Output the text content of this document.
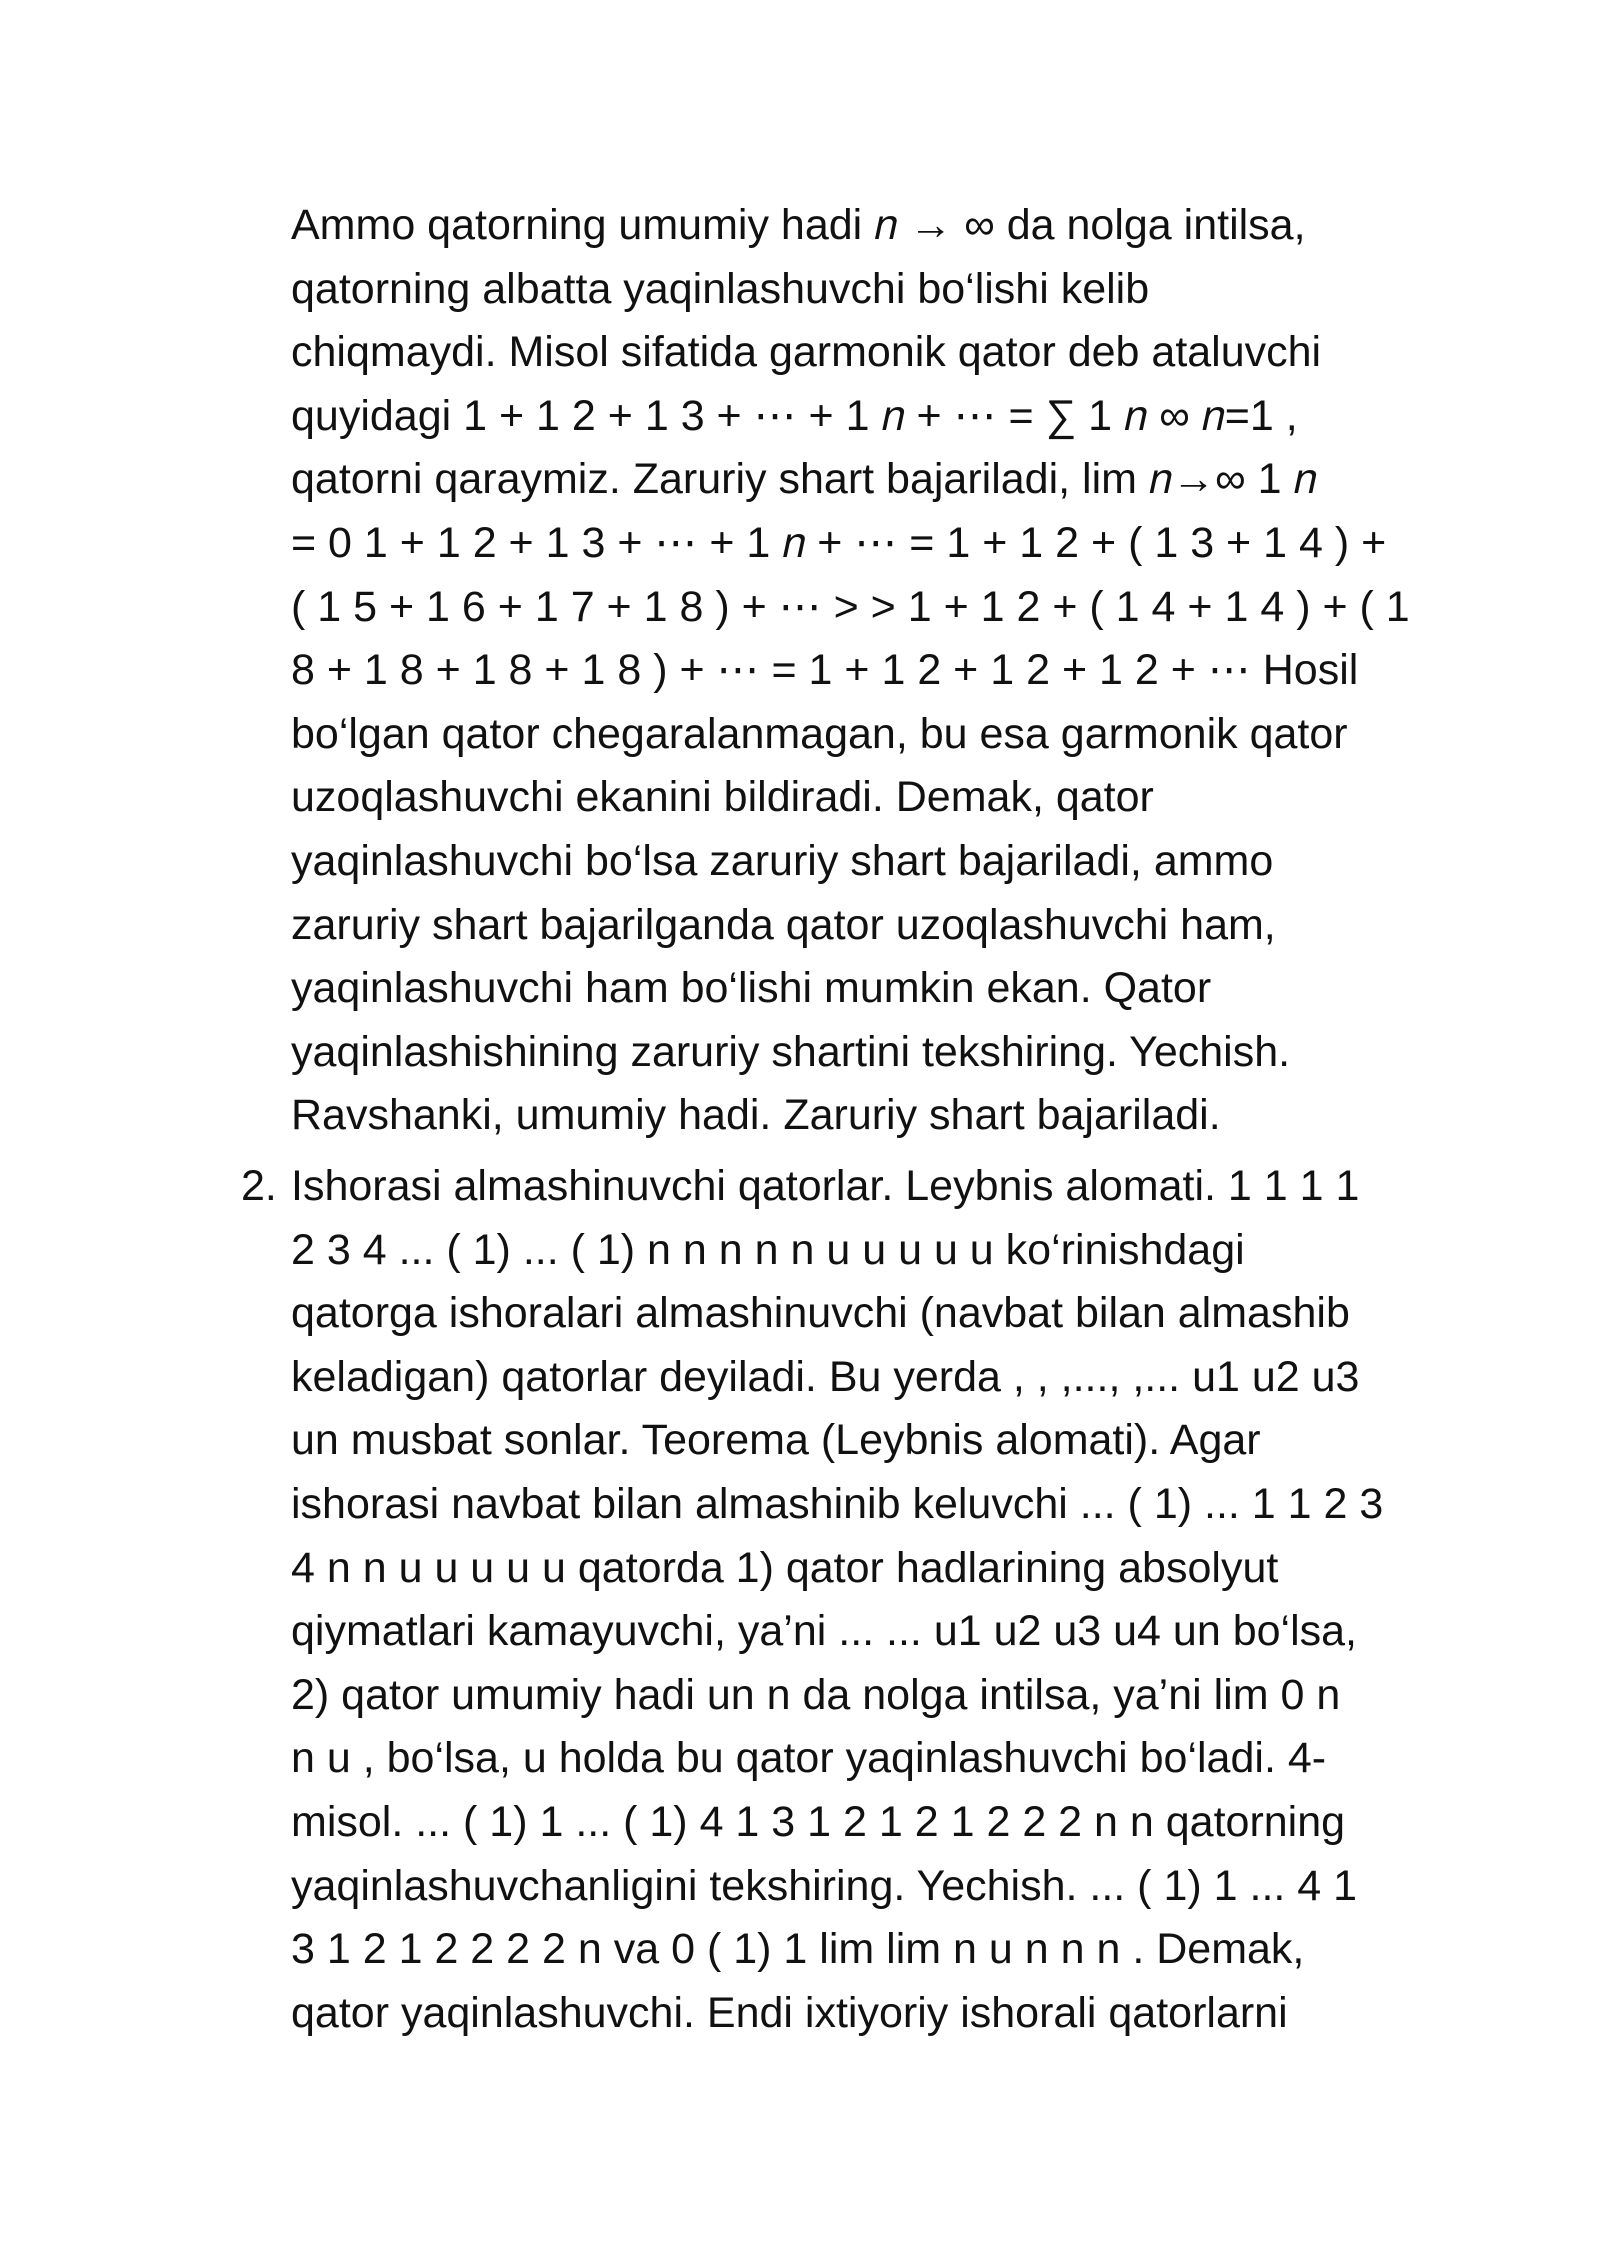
Ammo qatorning umumiy hadi 𝑛 → ∞ da nolga intilsa,
qatorning albatta yaqinlashuvchi bo‘lishi kelib
chiqmaydi. Misol sifatida garmonik qator deb ataluvchi
quyidagi 1 + 1 2 + 1 3 + ⋯ + 1 𝑛 + ⋯ = ∑ 1 𝑛 ∞ 𝑛=1 ,
qatorni qaraymiz. Zaruriy shart bajariladi, lim 𝑛→∞ 1 𝑛
= 0 1 + 1 2 + 1 3 + ⋯ + 1 𝑛 + ⋯ = 1 + 1 2 + ( 1 3 + 1 4 ) +
( 1 5 + 1 6 + 1 7 + 1 8 ) + ⋯ > > 1 + 1 2 + ( 1 4 + 1 4 ) + ( 1
8 + 1 8 + 1 8 + 1 8 ) + ⋯ = 1 + 1 2 + 1 2 + 1 2 + ⋯ Hosil
bo‘lgan qator chegaralanmagan, bu esa garmonik qator
uzoqlashuvchi ekanini bildiradi. Demak, qator
yaqinlashuvchi bo‘lsa zaruriy shart bajariladi, ammo
zaruriy shart bajarilganda qator uzoqlashuvchi ham,
yaqinlashuvchi ham bo‘lishi mumkin ekan. Qator
yaqinlashishining zaruriy shartini tekshiring. Yechish.
Ravshanki, umumiy hadi. Zaruriy shart bajariladi.
2. Ishorasi almashinuvchi qatorlar. Leybnis alomati. 1 1 1 1
2 3 4 ... ( 1) ... ( 1) n n n n n u u u u u ko‘rinishdagi
qatorga ishoralari almashinuvchi (navbat bilan almashib
keladigan) qatorlar deyiladi. Bu yerda , , ,..., ,... u1 u2 u3
un musbat sonlar. Teorema (Leybnis alomati). Agar
ishorasi navbat bilan almashinib keluvchi ... ( 1) ... 1 1 2 3
4 n n u u u u u qatorda 1) qator hadlarining absolyut
qiymatlari kamayuvchi, ya’ni ... ... u1 u2 u3 u4 un bo‘lsa,
2) qator umumiy hadi un n da nolga intilsa, ya’ni lim 0 n
n u , bo‘lsa, u holda bu qator yaqinlashuvchi bo‘ladi. 4-
misol. ... ( 1) 1 ... ( 1) 4 1 3 1 2 1 2 1 2 2 2 n n qatorning
yaqinlashuvchanligini tekshiring. Yechish. ... ( 1) 1 ... 4 1
3 1 2 1 2 2 2 2 n va 0 ( 1) 1 lim lim n u n n n . Demak,
qator yaqinlashuvchi. Endi ixtiyoriy ishorali qatorlarni
